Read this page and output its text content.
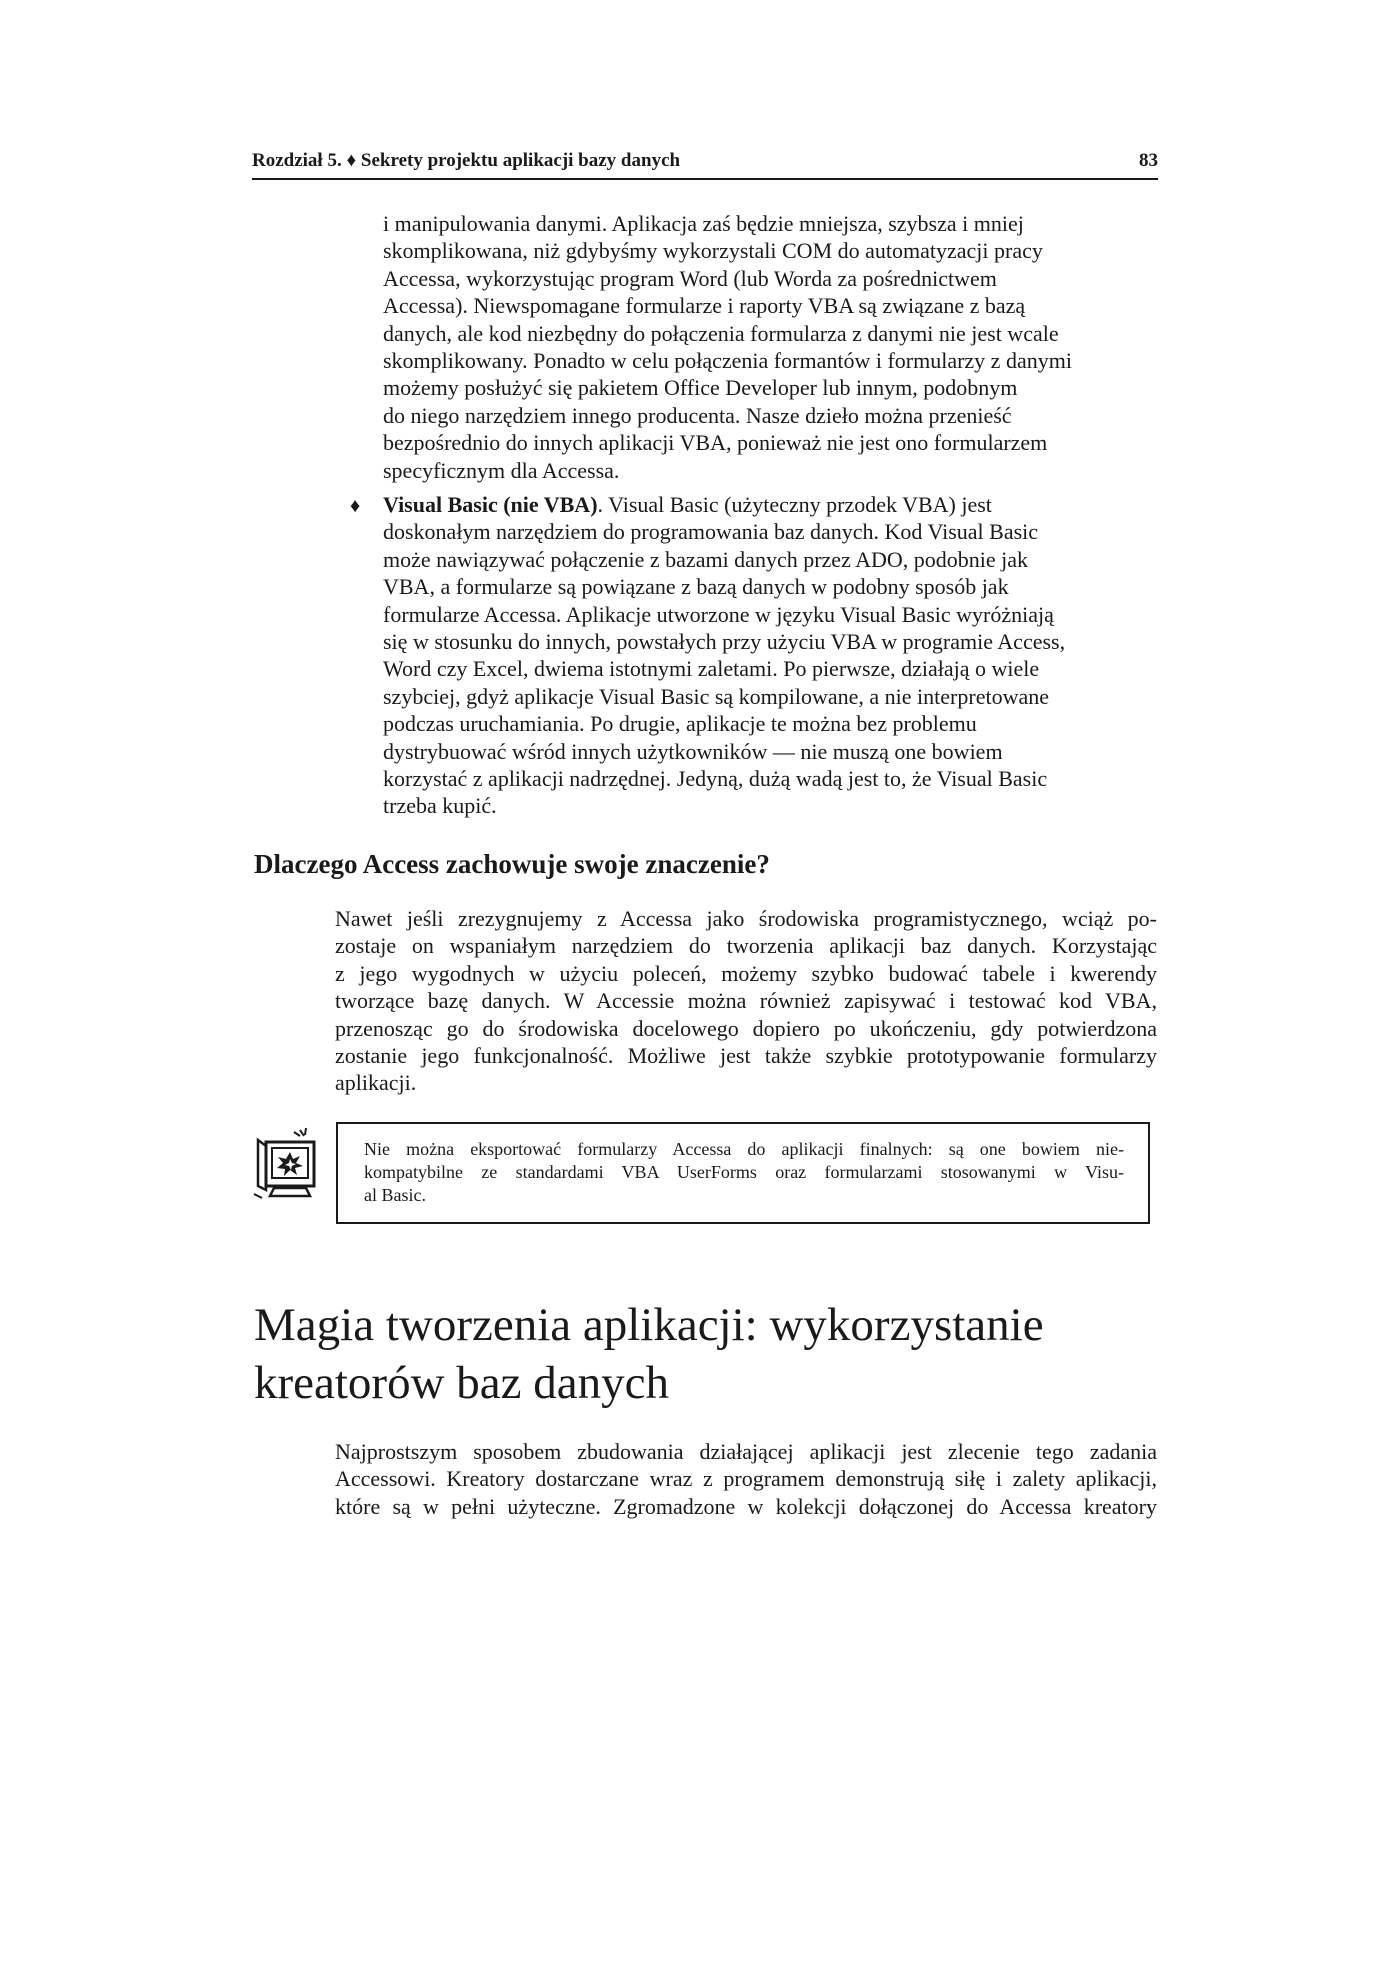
Rozdział 5. ♦ Sekrety projektu aplikacji bazy danych	83
i manipulowania danymi. Aplikacja zaś będzie mniejsza, szybsza i mniej
skomplikowana, niż gdybyśmy wykorzystali COM do automatyzacji pracy
Accessa, wykorzystując program Word (lub Worda za pośrednictwem
Accessa). Niewspomagane formularze i raporty VBA są związane z bazą
danych, ale kod niezbędny do połączenia formularza z danymi nie jest wcale
skomplikowany. Ponadto w celu połączenia formantów i formularzy z danymi
możemy posłużyć się pakietem Office Developer lub innym, podobnym
do niego narzędziem innego producenta. Nasze dzieło można przenieść
bezpośrednio do innych aplikacji VBA, ponieważ nie jest ono formularzem
specyficznym dla Accessa.
♦ Visual Basic (nie VBA). Visual Basic (użyteczny przodek VBA) jest
doskonałym narzędziem do programowania baz danych. Kod Visual Basic
może nawiązywać połączenie z bazami danych przez ADO, podobnie jak
VBA, a formularze są powiązane z bazą danych w podobny sposób jak
formularze Accessa. Aplikacje utworzone w języku Visual Basic wyróżniają
się w stosunku do innych, powstałych przy użyciu VBA w programie Access,
Word czy Excel, dwiema istotnymi zaletami. Po pierwsze, działają o wiele
szybciej, gdyż aplikacje Visual Basic są kompilowane, a nie interpretowane
podczas uruchamiania. Po drugie, aplikacje te można bez problemu
dystrybuować wśród innych użytkowników — nie muszą one bowiem
korzystać z aplikacji nadrzędnej. Jedyną, dużą wadą jest to, że Visual Basic
trzeba kupić.
Dlaczego Access zachowuje swoje znaczenie?
Nawet jeśli zrezygnujemy z Accessa jako środowiska programistycznego, wciąż po-
zostaje on wspaniałym narzędziem do tworzenia aplikacji baz danych. Korzystając
z jego wygodnych w użyciu poleceń, możemy szybko budować tabele i kwerendy
tworzące bazę danych. W Accessie można również zapisywać i testować kod VBA,
przenosząc go do środowiska docelowego dopiero po ukończeniu, gdy potwierdzona
zostanie jego funkcjonalność. Możliwe jest także szybkie prototypowanie formularzy
aplikacji.
Nie można eksportować formularzy Accessa do aplikacji finalnych: są one bowiem nie-
kompatybilne ze standardami VBA UserForms oraz formularzami stosowanymi w Visu-
al Basic.
Magia tworzenia aplikacji: wykorzystanie
kreatorów baz danych
Najprostszym sposobem zbudowania działającej aplikacji jest zlecenie tego zadania
Accessowi. Kreatory dostarczane wraz z programem demonstrują siłę i zalety aplikacji,
które są w pełni użyteczne. Zgromadzone w kolekcji dołączonej do Accessa kreatory
